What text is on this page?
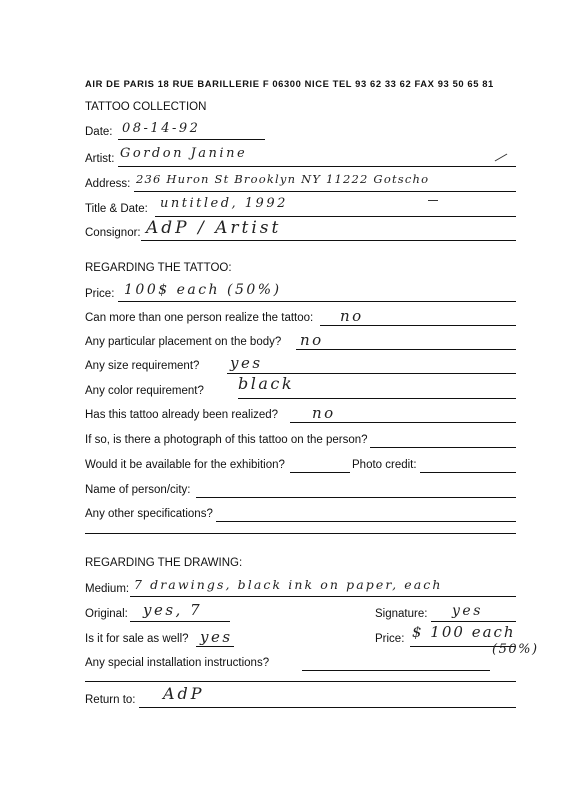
AIR DE PARIS 18 RUE BARILLERIE F 06300 NICE TEL 93 62 33 62 FAX 93 50 65 81
TATTOO COLLECTION
Date: 08-14-92
Artist: Gordon Janine
Address: 236 Huron St Brooklyn NY 11222 Gotscho
Title & Date: untitled, 1992
Consignor: AdP / Artist
REGARDING THE TATTOO:
Price: 100$ each (50%)
Can more than one person realize the tattoo: no
Any particular placement on the body? no
Any size requirement? yes
Any color requirement? black
Has this tattoo already been realized? no
If so, is there a photograph of this tattoo on the person?
Would it be available for the exhibition?	Photo credit:
Name of person/city:
Any other specifications?
REGARDING THE DRAWING:
Medium: 7 drawings, black ink on paper, each
Original: yes, 7	Signature: yes
Is it for sale as well? yes	Price: $ 100 each
(50%)
Any special installation instructions?
Return to: AdP
